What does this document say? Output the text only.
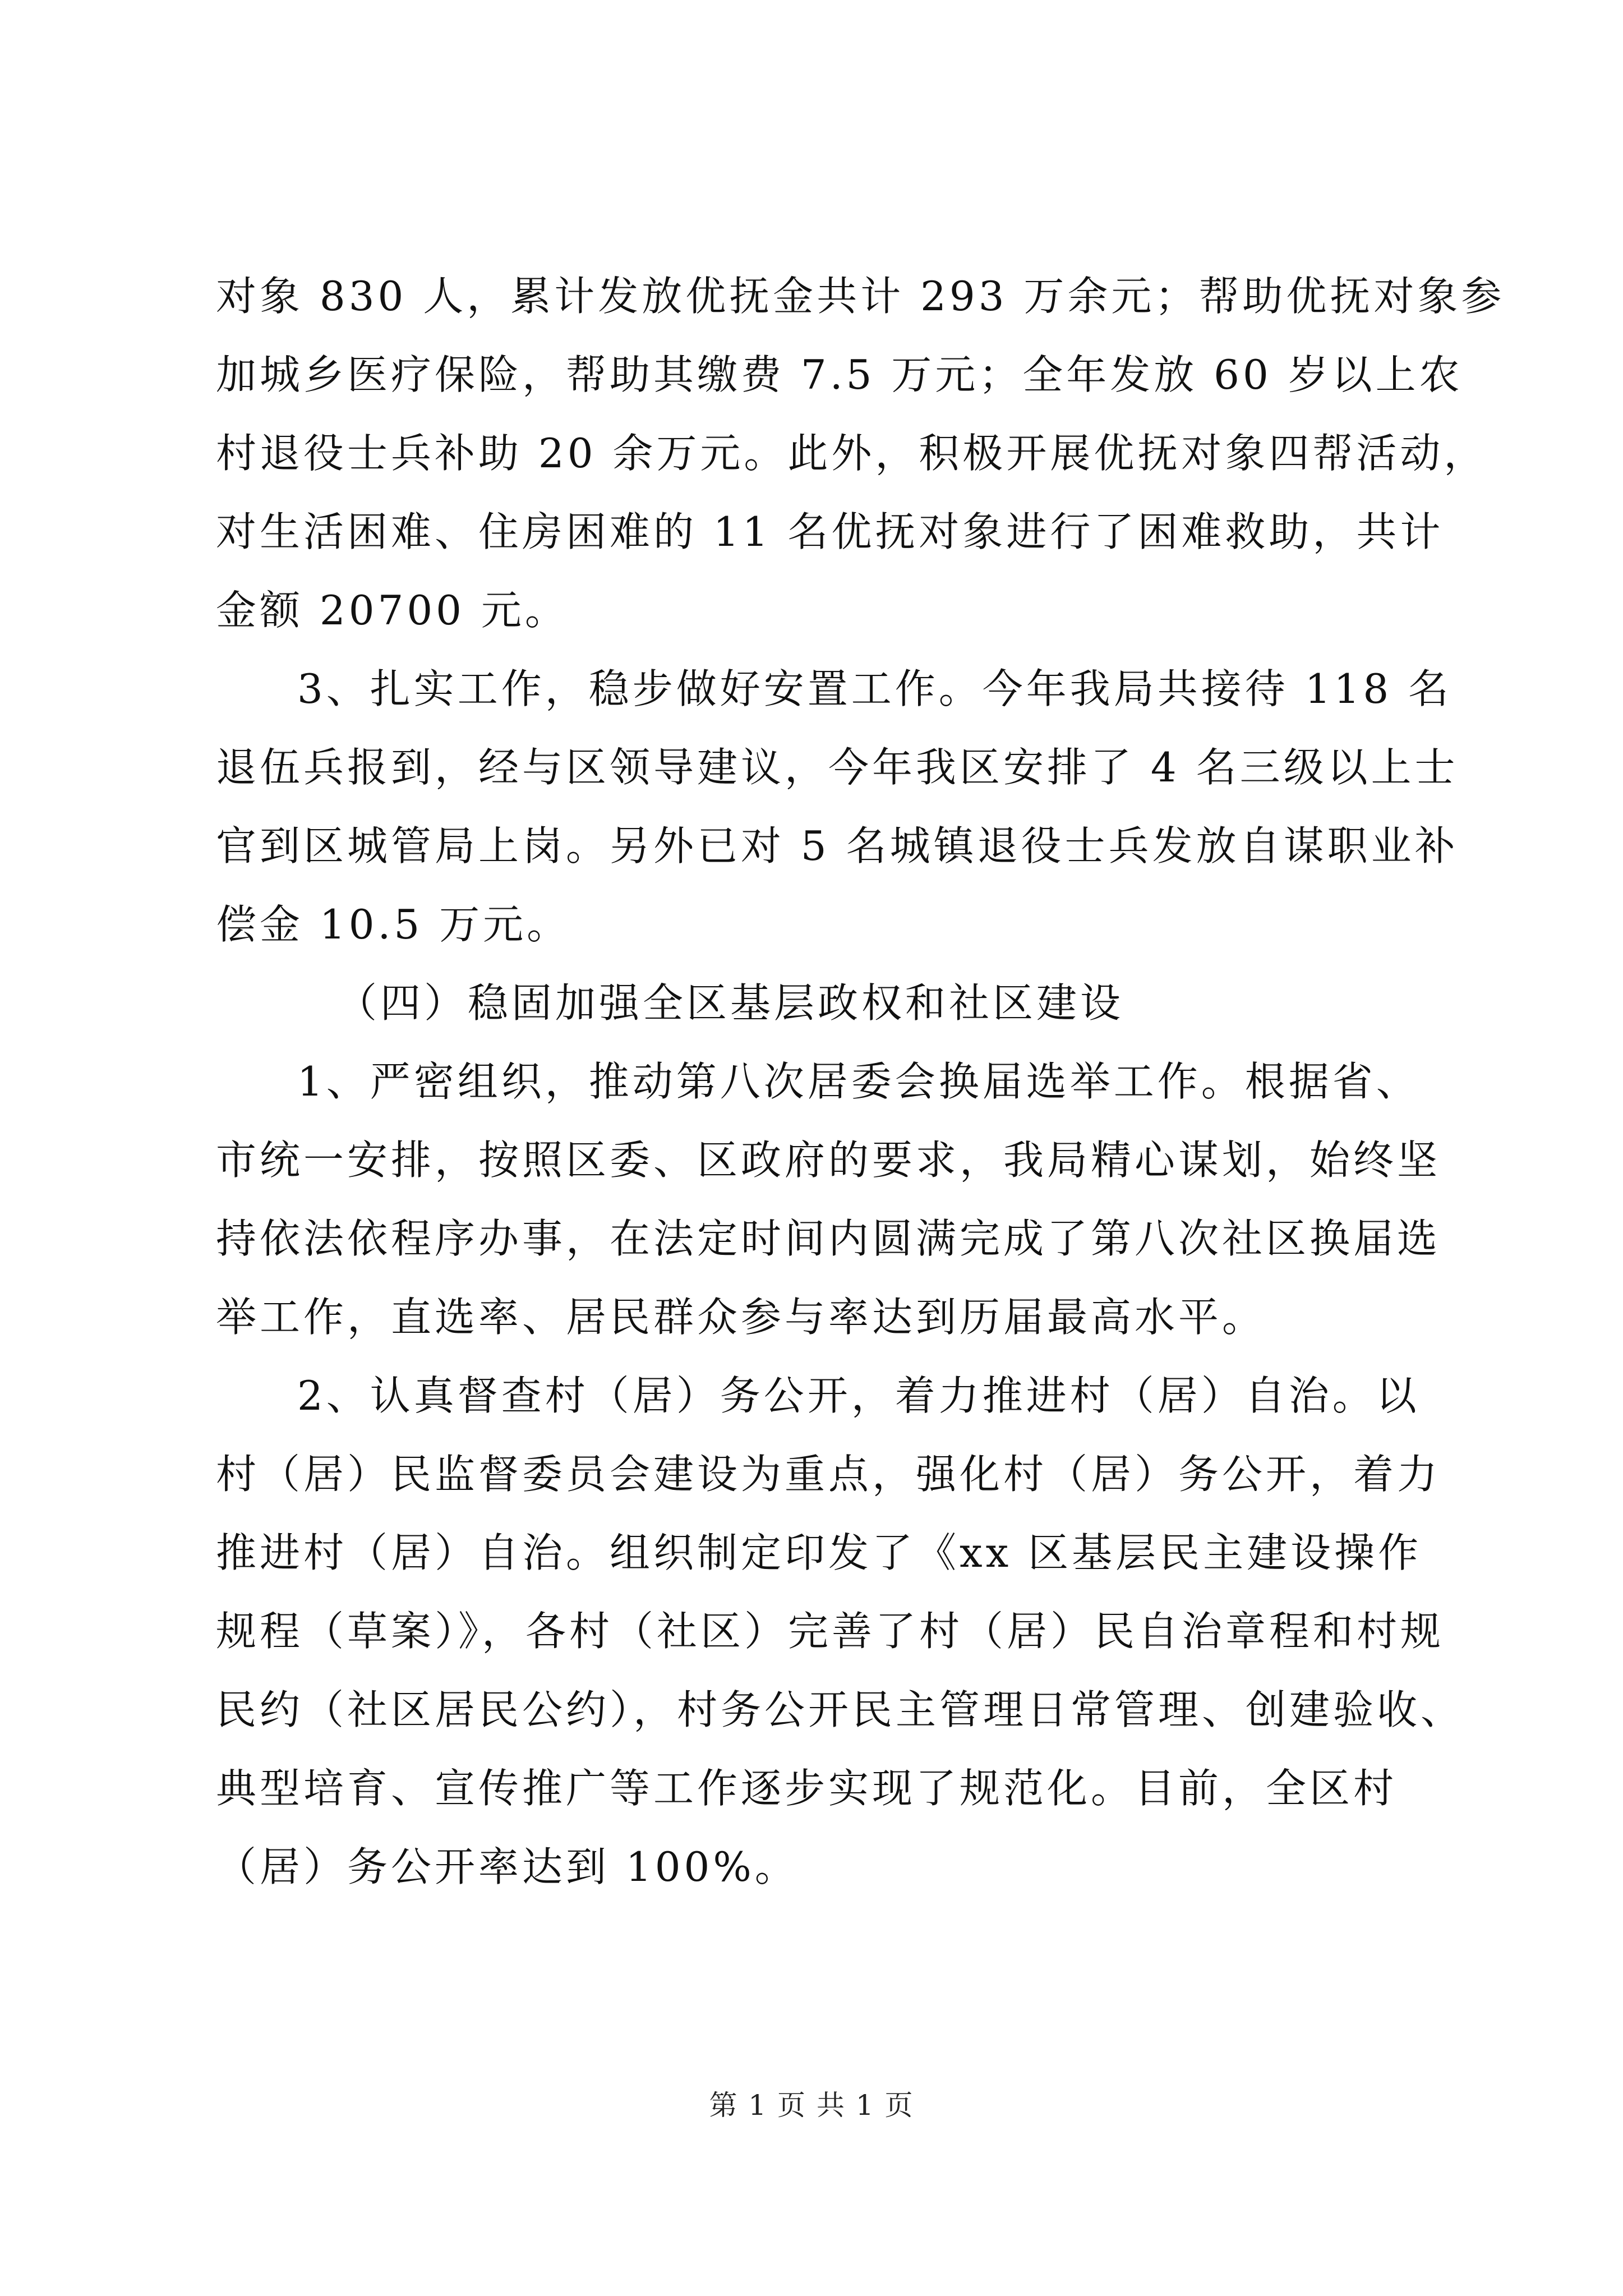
对象 830 人，累计发放优抚金共计 293 万余元；帮助优抚对象参
加城乡医疗保险，帮助其缴费 7.5 万元；全年发放 60 岁以上农
村退役士兵补助 20 余万元。此外，积极开展优抚对象四帮活动，
对生活困难、住房困难的 11 名优抚对象进行了困难救助，共计
金额 20700 元。
3、扎实工作，稳步做好安置工作。今年我局共接待 118 名
退伍兵报到，经与区领导建议，今年我区安排了 4 名三级以上士
官到区城管局上岗。另外已对 5 名城镇退役士兵发放自谋职业补
偿金 10.5 万元。
（四）稳固加强全区基层政权和社区建设
1、严密组织，推动第八次居委会换届选举工作。根据省、
市统一安排，按照区委、区政府的要求，我局精心谋划，始终坚
持依法依程序办事，在法定时间内圆满完成了第八次社区换届选
举工作，直选率、居民群众参与率达到历届最高水平。
2、认真督查村（居）务公开，着力推进村（居）自治。以
村（居）民监督委员会建设为重点，强化村（居）务公开，着力
推进村（居）自治。组织制定印发了《xx 区基层民主建设操作
规程（草案）》，各村（社区）完善了村（居）民自治章程和村规
民约（社区居民公约），村务公开民主管理日常管理、创建验收、
典型培育、宣传推广等工作逐步实现了规范化。目前，全区村
（居）务公开率达到 100%。
第 1 页 共 1 页
